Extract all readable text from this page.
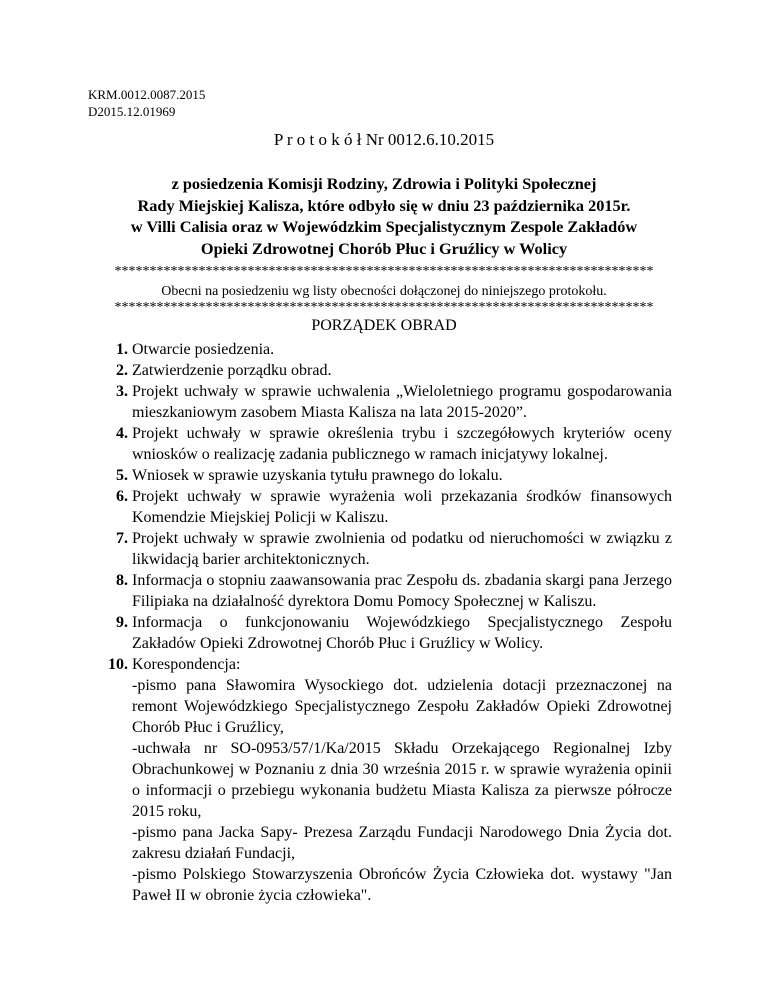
KRM.0012.0087.2015
D2015.12.01969
P r o t o k ó ł Nr 0012.6.10.2015
z posiedzenia Komisji Rodziny, Zdrowia i Polityki Społecznej
Rady Miejskiej Kalisza, które odbyło się w dniu 23 października 2015r.
w Villi Calisia oraz w Wojewódzkim Specjalistycznym Zespole Zakładów
Opieki Zdrowotnej Chorób Płuc i Gruźlicy w Wolicy
*****************************************************************************
Obecni na posiedzeniu wg listy obecności dołączonej do niniejszego protokołu.
*****************************************************************************
PORZĄDEK OBRAD
1. Otwarcie posiedzenia.
2. Zatwierdzenie porządku obrad.
3. Projekt uchwały w sprawie uchwalenia „Wieloletniego programu gospodarowania mieszkaniowym zasobem Miasta Kalisza na lata 2015-2020”.
4. Projekt uchwały w sprawie określenia trybu i szczegółowych kryteriów oceny wniosków o realizację zadania publicznego w ramach inicjatywy lokalnej.
5. Wniosek w sprawie uzyskania tytułu prawnego do lokalu.
6. Projekt uchwały w sprawie wyrażenia woli przekazania środków finansowych Komendzie Miejskiej Policji w Kaliszu.
7. Projekt uchwały w sprawie zwolnienia od podatku od nieruchomości w związku z likwidacją barier architektonicznych.
8. Informacja o stopniu zaawansowania prac Zespołu ds. zbadania skargi pana Jerzego Filipiaka na działalność dyrektora Domu Pomocy Społecznej w Kaliszu.
9. Informacja o funkcjonowaniu Wojewódzkiego Specjalistycznego Zespołu Zakładów Opieki Zdrowotnej Chorób Płuc i Gruźlicy w Wolicy.
10. Korespondencja:
-pismo pana Sławomira Wysockiego dot. udzielenia dotacji przeznaczonej na remont Wojewódzkiego Specjalistycznego Zespołu Zakładów Opieki Zdrowotnej Chorób Płuc i Gruźlicy,
-uchwała nr SO-0953/57/1/Ka/2015 Składu Orzekającego Regionalnej Izby Obrachunkowej w Poznaniu z dnia 30 września 2015 r. w sprawie wyrażenia opinii o informacji o przebiegu wykonania budżetu Miasta Kalisza za pierwsze półrocze 2015 roku,
-pismo pana Jacka Sapy- Prezesa Zarządu Fundacji Narodowego Dnia Życia dot. zakresu działań Fundacji,
-pismo Polskiego Stowarzyszenia Obrońców Życia Człowieka dot. wystawy "Jan Paweł II w obronie życia człowieka".
